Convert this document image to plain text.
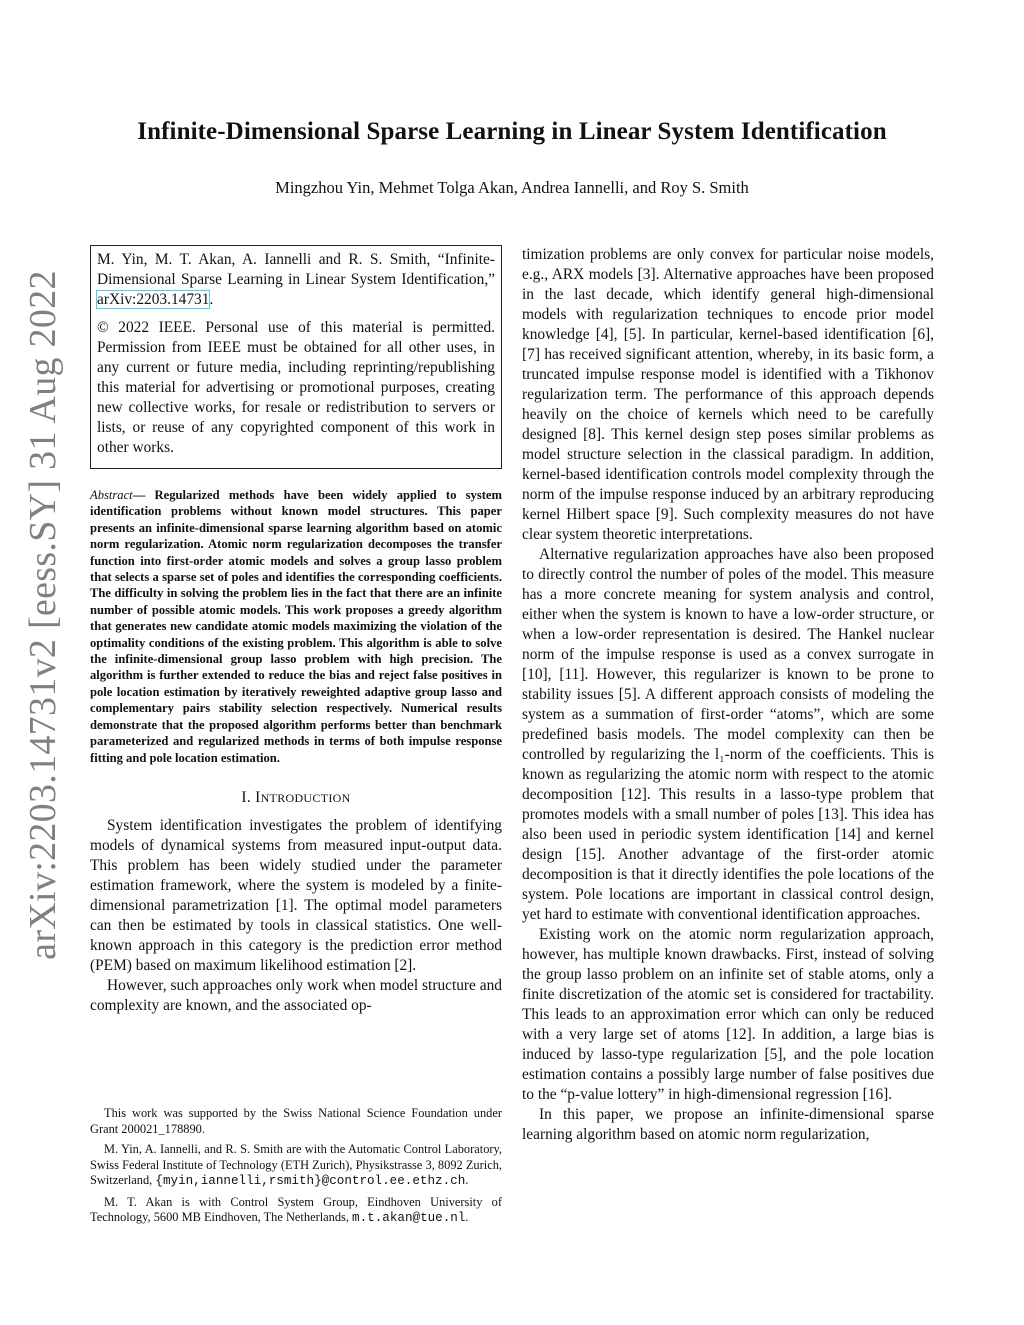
arXiv:2203.14731v2 [eess.SY] 31 Aug 2022
Infinite-Dimensional Sparse Learning in Linear System Identification
Mingzhou Yin, Mehmet Tolga Akan, Andrea Iannelli, and Roy S. Smith

M. Yin, M. T. Akan, A. Iannelli and R. S. Smith, “Infinite-Dimensional Sparse Learning in Linear System Identification,” arXiv:2203.14731.

© 2022 IEEE. Personal use of this material is permitted. Permission from IEEE must be obtained for all other uses, in any current or future media, including reprinting/republishing this material for advertising or promotional purposes, creating new collective works, for resale or redistribution to servers or lists, or reuse of any copyrighted component of this work in other works.

Abstract— Regularized methods have been widely applied to system identification problems without known model structures. This paper presents an infinite-dimensional sparse learning algorithm based on atomic norm regularization. Atomic norm regularization decomposes the transfer function into first-order atomic models and solves a group lasso problem that selects a sparse set of poles and identifies the corresponding coefficients. The difficulty in solving the problem lies in the fact that there are an infinite number of possible atomic models. This work proposes a greedy algorithm that generates new candidate atomic models maximizing the violation of the optimality conditions of the existing problem. This algorithm is able to solve the infinite-dimensional group lasso problem with high precision. The algorithm is further extended to reduce the bias and reject false positives in pole location estimation by iteratively reweighted adaptive group lasso and complementary pairs stability selection respectively. Numerical results demonstrate that the proposed algorithm performs better than benchmark parameterized and regularized methods in terms of both impulse response fitting and pole location estimation.
I. INTRODUCTION

System identification investigates the problem of identifying models of dynamical systems from measured input-output data. This problem has been widely studied under the parameter estimation framework, where the system is modeled by a finite-dimensional parametrization [1]. The optimal model parameters can then be estimated by tools in classical statistics. One well-known approach in this category is the prediction error method (PEM) based on maximum likelihood estimation [2].

However, such approaches only work when model structure and complexity are known, and the associated op-

This work was supported by the Swiss National Science Foundation under Grant 200021_178890.

M. Yin, A. Iannelli, and R. S. Smith are with the Automatic Control Laboratory, Swiss Federal Institute of Technology (ETH Zurich), Physikstrasse 3, 8092 Zurich, Switzerland, {myin,iannelli,rsmith}@control.ee.ethz.ch.

M. T. Akan is with Control System Group, Eindhoven University of Technology, 5600 MB Eindhoven, The Netherlands, m.t.akan@tue.nl.

timization problems are only convex for particular noise models, e.g., ARX models [3]. Alternative approaches have been proposed in the last decade, which identify general high-dimensional models with regularization techniques to encode prior model knowledge [4], [5]. In particular, kernel-based identification [6], [7] has received significant attention, whereby, in its basic form, a truncated impulse response model is identified with a Tikhonov regularization term. The performance of this approach depends heavily on the choice of kernels which need to be carefully designed [8]. This kernel design step poses similar problems as model structure selection in the classical paradigm. In addition, kernel-based identification controls model complexity through the norm of the impulse response induced by an arbitrary reproducing kernel Hilbert space [9]. Such complexity measures do not have clear system theoretic interpretations.

Alternative regularization approaches have also been proposed to directly control the number of poles of the model. This measure has a more concrete meaning for system analysis and control, either when the system is known to have a low-order structure, or when a low-order representation is desired. The Hankel nuclear norm of the impulse response is used as a convex surrogate in [10], [11]. However, this regularizer is known to be prone to stability issues [5]. A different approach consists of modeling the system as a summation of first-order “atoms”, which are some predefined basis models. The model complexity can then be controlled by regularizing the l₁-norm of the coefficients. This is known as regularizing the atomic norm with respect to the atomic decomposition [12]. This results in a lasso-type problem that promotes models with a small number of poles [13]. This idea has also been used in periodic system identification [14] and kernel design [15]. Another advantage of the first-order atomic decomposition is that it directly identifies the pole locations of the system. Pole locations are important in classical control design, yet hard to estimate with conventional identification approaches.

Existing work on the atomic norm regularization approach, however, has multiple known drawbacks. First, instead of solving the group lasso problem on an infinite set of stable atoms, only a finite discretization of the atomic set is considered for tractability. This leads to an approximation error which can only be reduced with a very large set of atoms [12]. In addition, a large bias is induced by lasso-type regularization [5], and the pole location estimation contains a possibly large number of false positives due to the “p-value lottery” in high-dimensional regression [16].

In this paper, we propose an infinite-dimensional sparse learning algorithm based on atomic norm regularization,
